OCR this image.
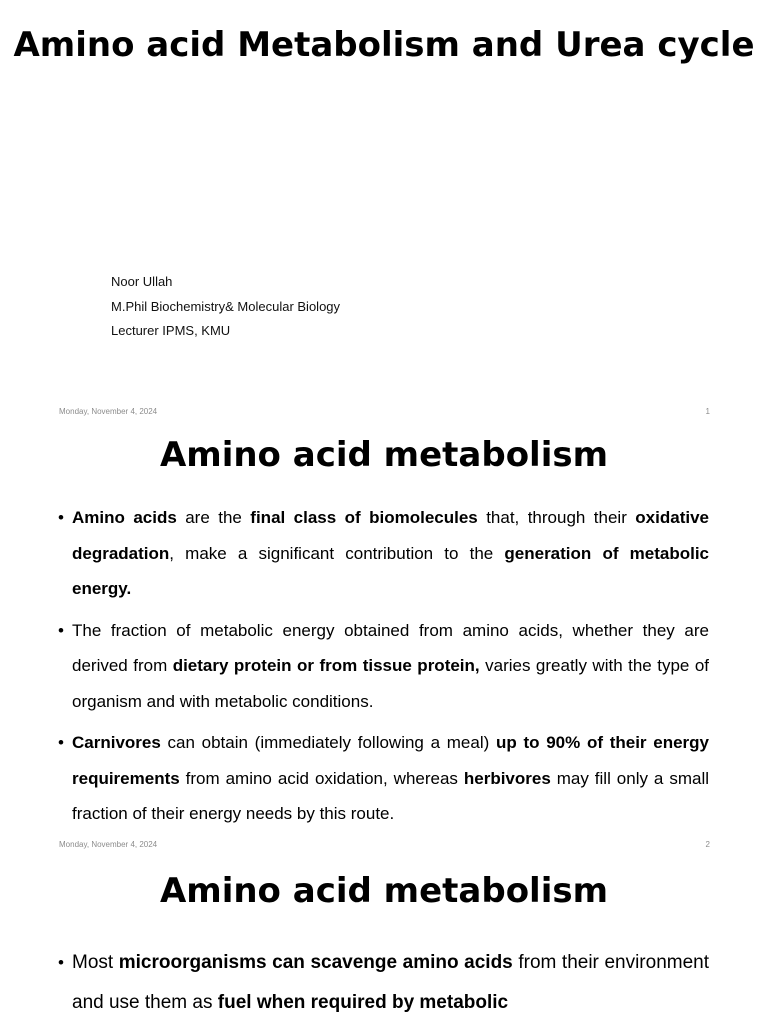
Amino acid Metabolism and Urea cycle
Noor Ullah
M.Phil Biochemistry& Molecular Biology
Lecturer IPMS, KMU
Monday, November 4, 2024	1
Amino acid metabolism
• Amino acids are the final class of biomolecules that, through their oxidative degradation, make a significant contribution to the generation of metabolic energy.
• The fraction of metabolic energy obtained from amino acids, whether they are derived from dietary protein or from tissue protein, varies greatly with the type of organism and with metabolic conditions.
• Carnivores can obtain (immediately following a meal) up to 90% of their energy requirements from amino acid oxidation, whereas herbivores may fill only a small fraction of their energy needs by this route.
Monday, November 4, 2024	2
Amino acid metabolism
• Most microorganisms can scavenge amino acids from their environment and use them as fuel when required by metabolic
